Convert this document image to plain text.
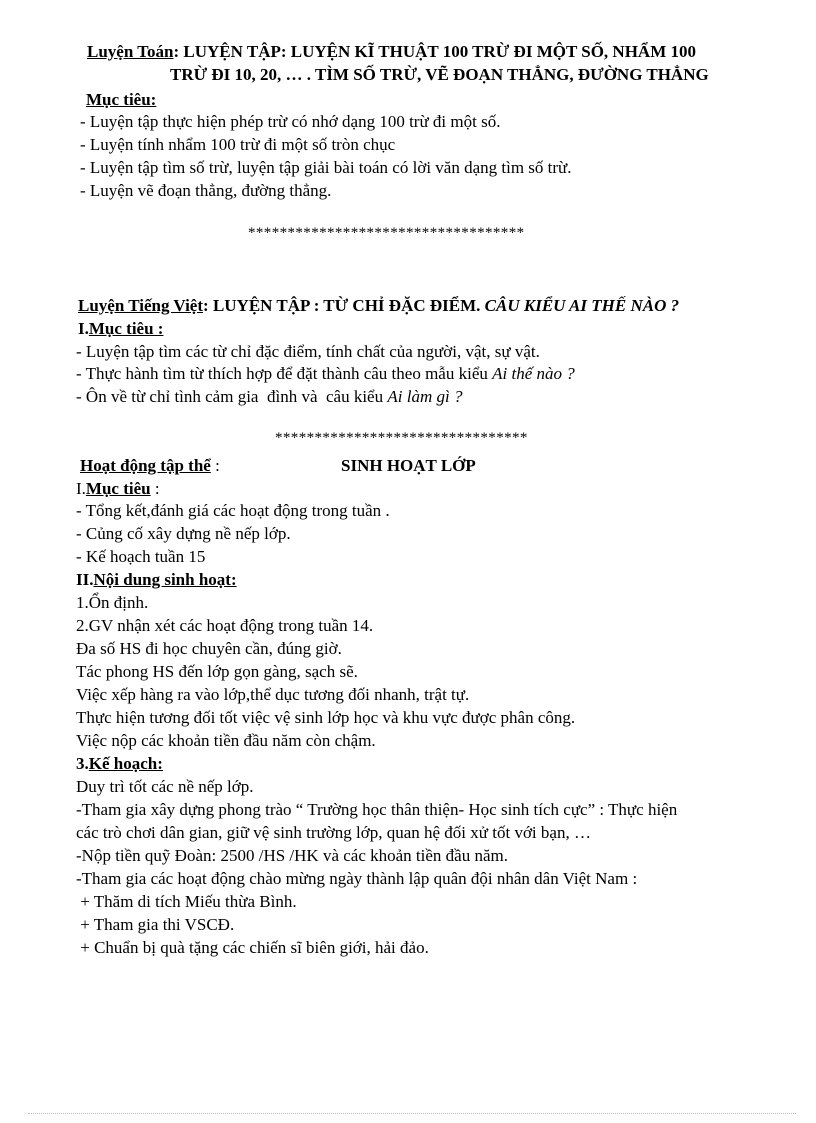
Luyện Toán: LUYỆN TẬP: LUYỆN KĨ THUẬT 100 TRỪ ĐI MỘT SỐ, NHẨM 100
TRỪ ĐI 10, 20, … . TÌM SỐ TRỪ, VẼ ĐOẠN THẲNG, ĐƯỜNG THẲNG
Mục tiêu:
- Luyện tập thực hiện phép trừ có nhớ dạng 100 trừ đi một số.
- Luyện tính nhẩm 100 trừ đi một số tròn chục
- Luyện tập tìm số trừ, luyện tập giải bài toán có lời văn dạng tìm số trừ.
- Luyện vẽ đoạn thẳng, đường thẳng.
***********************************
Luyện Tiếng Việt: LUYỆN TẬP : TỪ CHỈ ĐẶC ĐIỂM. CÂU KIỂU AI THẾ NÀO ?
I.Mục tiêu :
- Luyện tập tìm các từ chỉ đặc điểm, tính chất của người, vật, sự vật.
- Thực hành tìm từ thích hợp để đặt thành câu theo mẫu kiểu Ai thế nào ?
- Ôn về từ chỉ tình cảm gia  đình và  câu kiểu Ai làm gì ?
********************************
Hoạt động tập thể :	SINH HOẠT LỚP
I.Mục tiêu :
- Tổng kết,đánh giá các hoạt động trong tuần .
- Củng cố xây dựng nề nếp lớp.
- Kế hoạch tuần 15
II.Nội dung sinh hoạt:
1.Ổn định.
2.GV nhận xét các hoạt động trong tuần 14.
Đa số HS đi học chuyên cần, đúng giờ.
Tác phong HS đến lớp gọn gàng, sạch sẽ.
Việc xếp hàng ra vào lớp,thể dục tương đối nhanh, trật tự.
Thực hiện tương đối tốt việc vệ sinh lớp học và khu vực được phân công.
Việc nộp các khoản tiền đầu năm còn chậm.
3.Kế hoạch:
Duy trì tốt các nề nếp lớp.
-Tham gia xây dựng phong trào “ Trường học thân thiện- Học sinh tích cực” : Thực hiện
các trò chơi dân gian, giữ vệ sinh trường lớp, quan hệ đối xử tốt với bạn, …
-Nộp tiền quỹ Đoàn: 2500 /HS /HK và các khoản tiền đầu năm.
-Tham gia các hoạt động chào mừng ngày thành lập quân đội nhân dân Việt Nam :
+ Thăm di tích Miếu thừa Bình.
+ Tham gia thi VSCĐ.
+ Chuẩn bị quà tặng các chiến sĩ biên giới, hải đảo.
